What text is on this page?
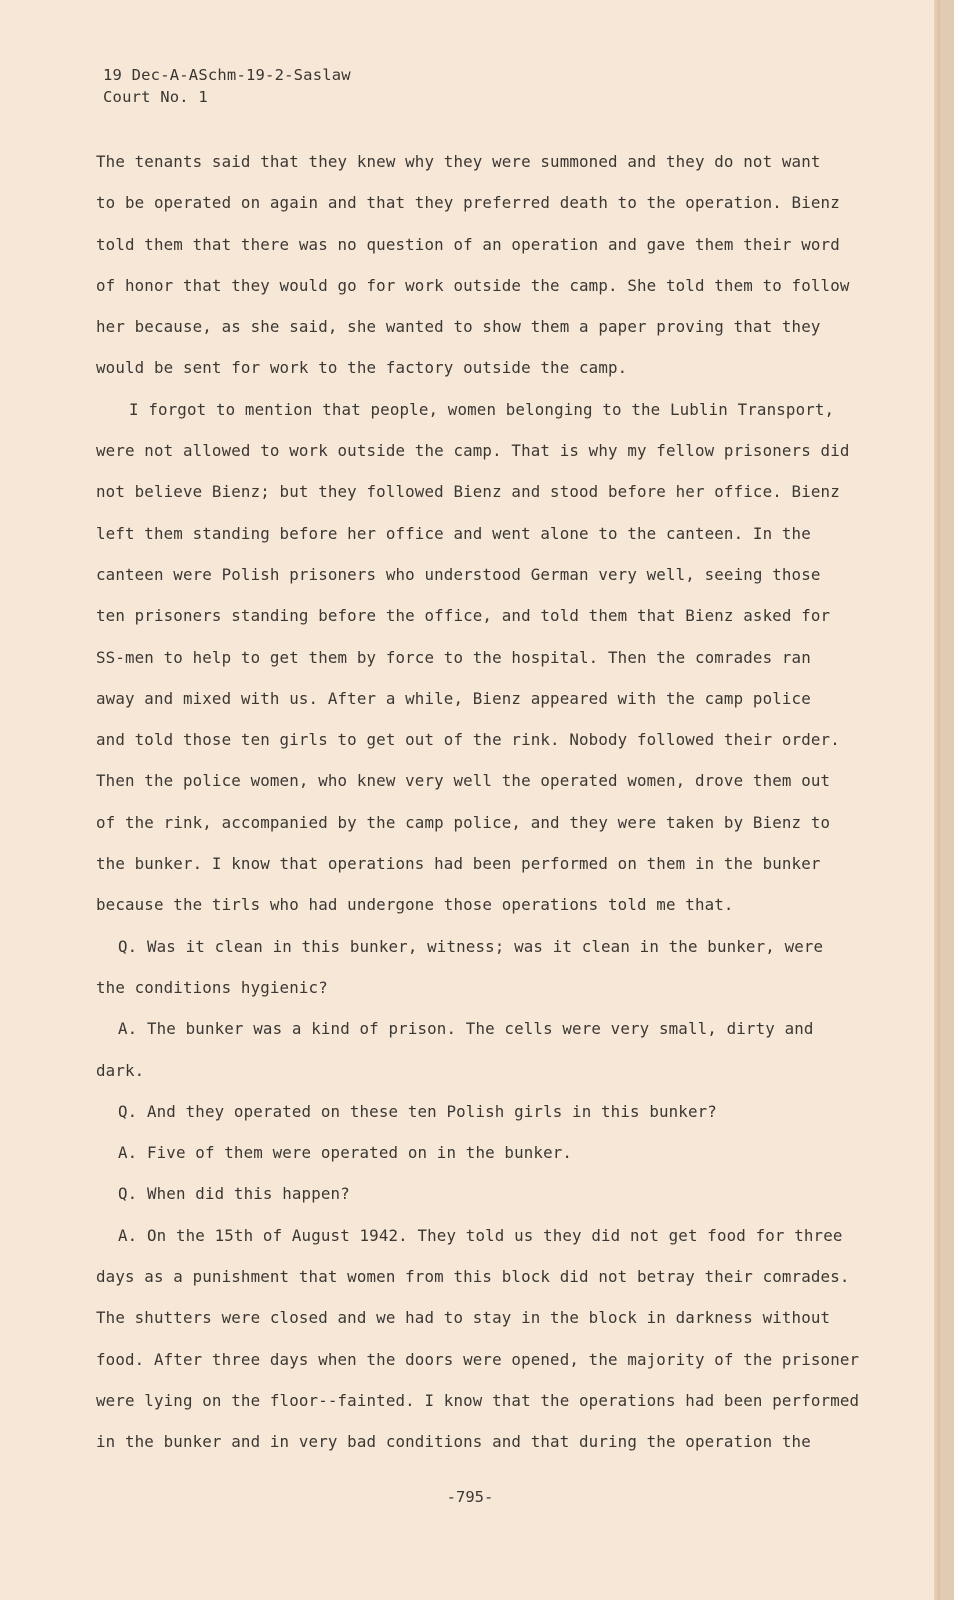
19 Dec-A-ASchm-19-2-Saslaw
Court No. 1
The tenants said that they knew why they were summoned and they do not want
to be operated on again and that they preferred death to the operation. Bienz
told them that there was no question of an operation and gave them their word
of honor that they would go for work outside the camp. She told them to follow
her because, as she said, she wanted to show them a paper proving that they
would be sent for work to the factory outside the camp.
I forgot to mention that people, women belonging to the Lublin Transport,
were not allowed to work outside the camp. That is why my fellow prisoners did
not believe Bienz; but they followed Bienz and stood before her office. Bienz
left them standing before her office and went alone to the canteen. In the
canteen were Polish prisoners who understood German very well, seeing those
ten prisoners standing before the office, and told them that Bienz asked for
SS-men to help to get them by force to the hospital. Then the comrades ran
away and mixed with us. After a while, Bienz appeared with the camp police
and told those ten girls to get out of the rink. Nobody followed their order.
Then the police women, who knew very well the operated women, drove them out
of the rink, accompanied by the camp police, and they were taken by Bienz to
the bunker. I know that operations had been performed on them in the bunker
because the tirls who had undergone those operations told me that.
Q. Was it clean in this bunker, witness; was it clean in the bunker, were
the conditions hygienic?
A. The bunker was a kind of prison. The cells were very small, dirty and
dark.
Q. And they operated on these ten Polish girls in this bunker?
A. Five of them were operated on in the bunker.
Q. When did this happen?
A. On the 15th of August 1942. They told us they did not get food for three
days as a punishment that women from this block did not betray their comrades.
The shutters were closed and we had to stay in the block in darkness without
food. After three days when the doors were opened, the majority of the prisoner
were lying on the floor--fainted. I know that the operations had been performed
in the bunker and in very bad conditions and that during the operation the
-795-
